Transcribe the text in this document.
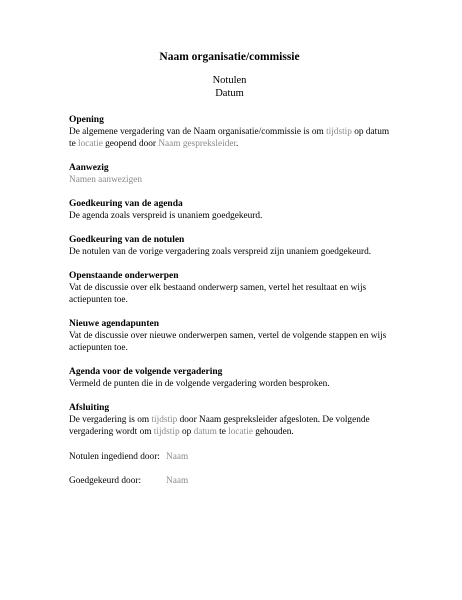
Naam organisatie/commissie

Notulen

Datum

Opening

De algemene vergadering van de Naam organisatie/commissie is om tijdstip op datum te locatie geopend door Naam gespreksleider.

Aanwezig

Namen aanwezigen

Goedkeuring van de agenda

De agenda zoals verspreid is unaniem goedgekeurd.

Goedkeuring van de notulen

De notulen van de vorige vergadering zoals verspreid zijn unaniem goedgekeurd.

Openstaande onderwerpen

Vat de discussie over elk bestaand onderwerp samen, vertel het resultaat en wijs actiepunten toe.

Nieuwe agendapunten

Vat de discussie over nieuwe onderwerpen samen, vertel de volgende stappen en wijs actiepunten toe.

Agenda voor de volgende vergadering

Vermeld de punten die in de volgende vergadering worden besproken.

Afsluiting

De vergadering is om tijdstip door Naam gespreksleider afgesloten. De volgende vergadering wordt om tijdstip op datum te locatie gehouden.

Notulen ingediend door: Naam
Goedgekeurd door:	Naam
